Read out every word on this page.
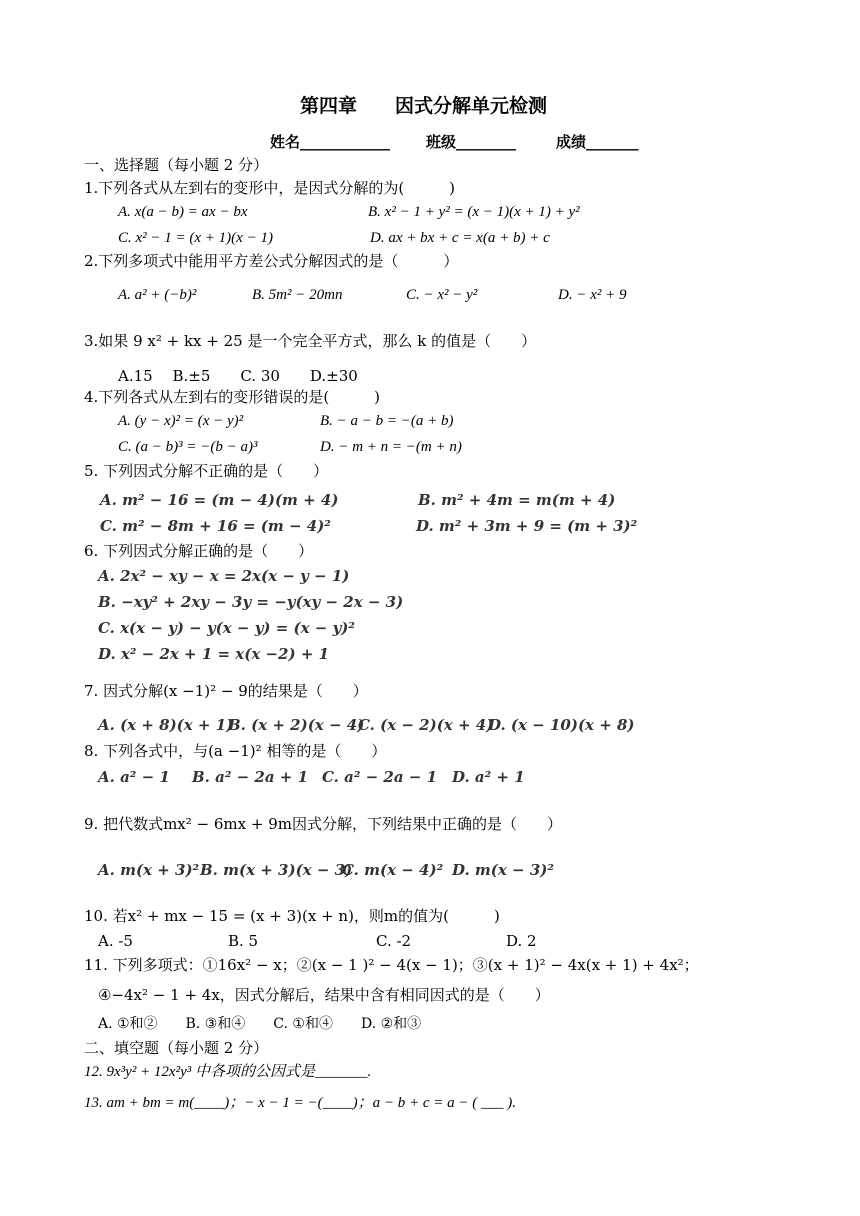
第四章　　因式分解单元检测
姓名____________ 班级________	成绩_______
一、选择题（每小题 2 分）
1.下列各式从左到右的变形中，是因式分解的为(　　　)
A. x(a − b) = ax − bx	B. x² − 1 + y² = (x − 1)(x + 1) + y²
C. x² − 1 = (x + 1)(x − 1)	D. ax + bx + c = x(a + b) + c
2.下列多项式中能用平方差公式分解因式的是（　　　）
A. a² + (−b)²	B. 5m² − 20mn	C. − x² − y²	D. − x² + 9
3.如果 9 x² + kx + 25 是一个完全平方式，那么 k 的值是（　　）
A.15　 B.±5　　C. 30　　D.±30
4.下列各式从左到右的变形错误的是(　　　)
A. (y − x)² = (x − y)²	B. − a − b = −(a + b)
C. (a − b)³ = −(b − a)³	D. − m + n = −(m + n)
5. 下列因式分解不正确的是（　　）
A. m² − 16 = (m − 4)(m + 4)	B. m² + 4m = m(m + 4)
C. m² − 8m + 16 = (m − 4)²	D. m² + 3m + 9 = (m + 3)²
6. 下列因式分解正确的是（　　）
A. 2x² − xy − x = 2x(x − y − 1)
B. −xy² + 2xy − 3y = −y(xy − 2x − 3)
C. x(x − y) − y(x − y) = (x − y)²
D. x² − 2x + 1 = x(x −2) + 1
7. 因式分解(x −1)² − 9的结果是（　　）
A. (x + 8)(x + 1)
B. (x + 2)(x − 4)
C. (x − 2)(x + 4)
D. (x − 10)(x + 8)
8. 下列各式中，与(a −1)² 相等的是（　　）
A. a² − 1 B. a² − 2a + 1 C. a² − 2a − 1 D. a² + 1
9. 把代数式mx² − 6mx + 9m因式分解，下列结果中正确的是（　　）
A. m(x + 3)² B. m(x + 3)(x − 3)
C. m(x − 4)² D. m(x − 3)²
10. 若x² + mx − 15 = (x + 3)(x + n)，则m的值为(　　　)
A. -5	B. 5	C. -2	D. 2
11. 下列多项式：①16x² − x；②(x − 1 )² − 4(x − 1)；③(x + 1)² − 4x(x + 1) + 4x²；
④−4x² − 1 + 4x，因式分解后，结果中含有相同因式的是（　　）
A. ①和②　　B. ③和④　　C. ①和④　　D. ②和③
二、填空题（每小题 2 分）
12. 9x³y² + 12x²y³ 中各项的公因式是_______.
13. am + bm = m(____)；− x − 1 = −(____)；a − b + c = a − ( ___ ).
